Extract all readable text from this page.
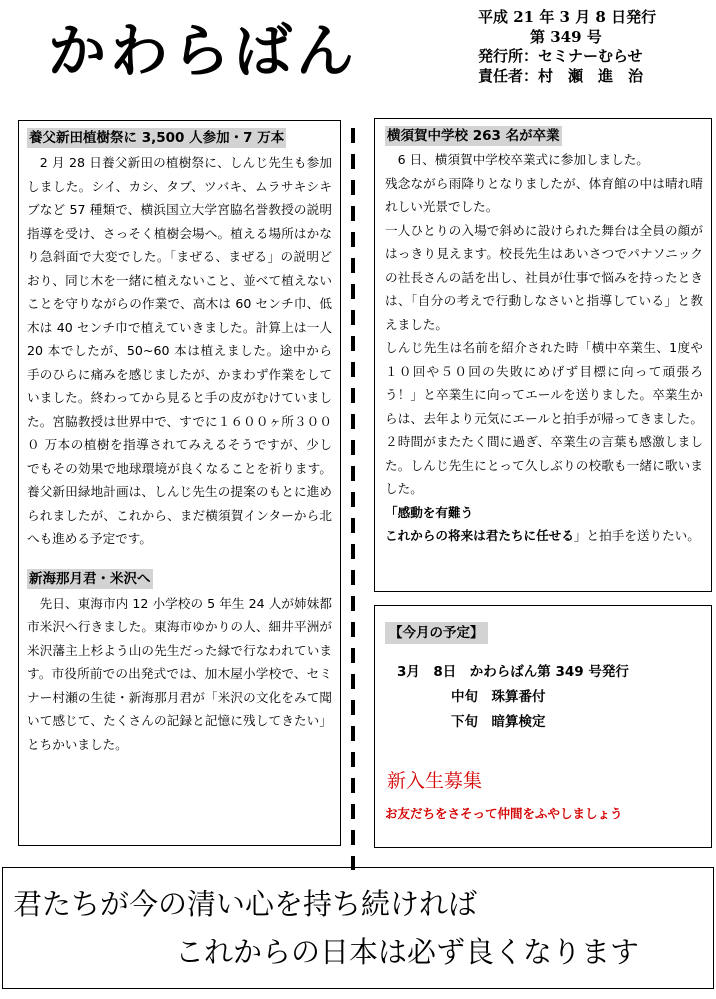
かわらばん	平成 21 年 3 月 8 日発行
第 349 号
発行所：セミナーむらせ
責任者：村　瀬　進　治
養父新田植樹祭に 3,500 人参加・7 万本

　2 月 28 日養父新田の植樹祭に、しんじ先生も参加しました。シイ、カシ、タブ、ツバキ、ムラサキシキブなど 57 種類で、横浜国立大学宮脇名誉教授の説明指導を受け、さっそく植樹会場へ。植える場所はかなり急斜面で大変でした。「まぜる、まぜる」の説明どおり、同じ木を一緒に植えないこと、並べて植えないことを守りながらの作業で、高木は 60 センチ巾、低木は 40 センチ巾で植えていきました。計算上は一人 20 本でしたが、50~60 本は植えました。途中から手のひらに痛みを感じましたが、かまわず作業をしていました。終わってから見ると手の皮がむけていました。宮脇教授は世界中で、すでに１６００ヶ所３０００ 万本の植樹を指導されてみえるそうですが、少しでもその効果で地球環境が良くなることを祈ります。養父新田緑地計画は、しんじ先生の提案のもとに進められましたが、これから、まだ横須賀インターから北へも進める予定です。

新海那月君・米沢へ

　先日、東海市内 12 小学校の 5 年生 24 人が姉妹都市米沢へ行きました。東海市ゆかりの人、細井平洲が米沢藩主上杉よう山の先生だった縁で行なわれています。市役所前での出発式では、加木屋小学校で、セミナー村瀬の生徒・新海那月君が「米沢の文化をみて聞いて感じて、たくさんの記録と記憶に残してきたい」とちかいました。

横須賀中学校 263 名が卒業

　6 日、横須賀中学校卒業式に参加しました。

残念ながら雨降りとなりましたが、体育館の中は晴れ晴れしい光景でした。

一人ひとりの入場で斜めに設けられた舞台は全員の顔がはっきり見えます。校長先生はあいさつでパナソニックの社長さんの話を出し、社員が仕事で悩みを持ったときは、「自分の考えで行動しなさいと指導している」と教えました。

しんじ先生は名前を紹介された時「横中卒業生、1度や１０回や５０回の失敗にめげず目標に向って頑張ろう！」と卒業生に向ってエールを送りました。卒業生からは、去年より元気にエールと拍手が帰ってきました。２時間がまたたく間に過ぎ、卒業生の言葉も感激しました。しんじ先生にとって久しぶりの校歌も一緒に歌いました。

「感動を有難う
これからの将来は君たちに任せる」と拍手を送りたい。

【今月の予定】
3月　8日　かわらばん第 349 号発行
中旬　珠算番付
下旬　暗算検定
新入生募集
お友だちをさそって仲間をふやしましょう
君たちが今の清い心を持ち続ければ
これからの日本は必ず良くなります
